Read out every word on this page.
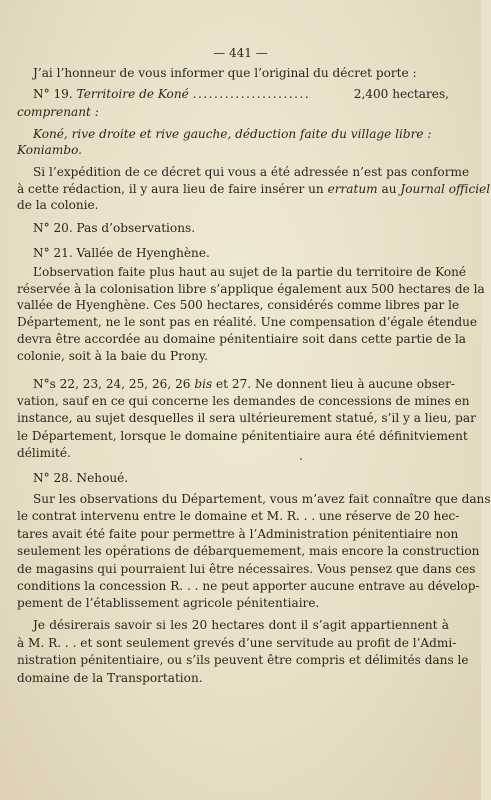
— 441 —
J’ai l’honneur de vous informer que l’original du décret porte :
N° 19. Territoire de Koné ......................	2,400 hectares,
comprenant :
Koné, rive droite et rive gauche, déduction faite du village libre :
Koniambo.
Si l’expédition de ce décret qui vous a été adressée n’est pas conforme
à cette rédaction, il y aura lieu de faire insérer un erratum au Journal officiel
de la colonie.
N° 20. Pas d’observations.
N° 21. Vallée de Hyenghène.
L’observation faite plus haut au sujet de la partie du territoire de Koné
réservée à la colonisation libre s’applique également aux 500 hectares de la
vallée de Hyenghène. Ces 500 hectares, considérés comme libres par le
Département, ne le sont pas en réalité. Une compensation d’égale étendue
devra être accordée au domaine pénitentiaire soit dans cette partie de la
colonie, soit à la baie du Prony.
N°s 22, 23, 24, 25, 26, 26 bis et 27. Ne donnent lieu à aucune obser-
vation, sauf en ce qui concerne les demandes de concessions de mines en
instance, au sujet desquelles il sera ultérieurement statué, s’il y a lieu, par
le Département, lorsque le domaine pénitentiaire aura été définitviement
délimité.
N° 28. Nehoué.
Sur les observations du Département, vous m’avez fait connaître que dans
le contrat intervenu entre le domaine et M. R. . . une réserve de 20 hec-
tares avait été faite pour permettre à l’Administration pénitentiaire non
seulement les opérations de débarquemement, mais encore la construction
de magasins qui pourraient lui être nécessaires. Vous pensez que dans ces
conditions la concession R. . . ne peut apporter aucune entrave au dévelop-
pement de l’établissement agricole pénitentiaire.
Je désirerais savoir si les 20 hectares dont il s’agit appartiennent à
à M. R. . . et sont seulement grevés d’une servitude au profit de l’Admi-
nistration pénitentiaire, ou s’ils peuvent être compris et délimités dans le
domaine de la Transportation.
